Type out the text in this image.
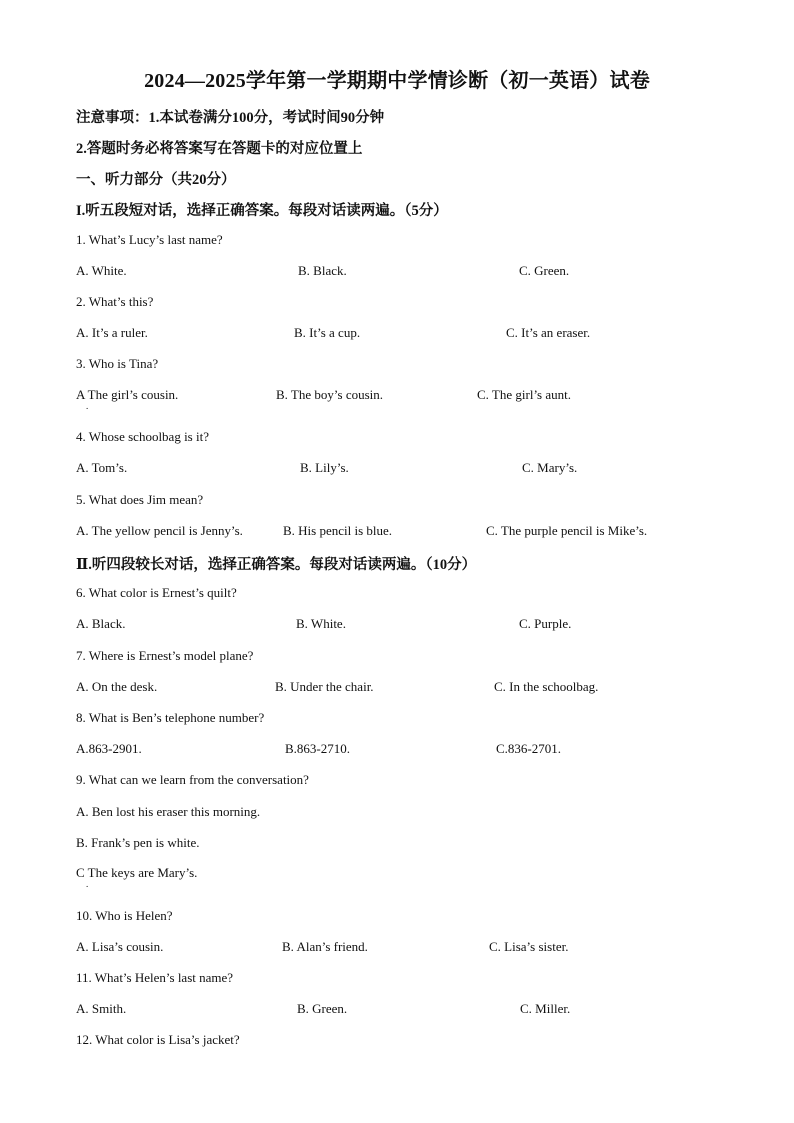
2024—2025学年第一学期期中学情诊断（初一英语）试卷
注意事项：1.本试卷满分100分，考试时间90分钟
2.答题时务必将答案写在答题卡的对应位置上
一、听力部分（共20分）
I.听五段短对话，选择正确答案。每段对话读两遍。（5分）
1. What’s Lucy’s last name?
A. White.	B. Black.	C. Green.
2. What’s this?
A. It’s a ruler.	B. It’s a cup.	C. It’s an eraser.
3. Who is Tina?
A The girl’s cousin.
.
B. The boy’s cousin.	C. The girl’s aunt.
4. Whose schoolbag is it?
A. Tom’s.	B. Lily’s.	C. Mary’s.
5. What does Jim mean?
A. The yellow pencil is Jenny’s.	B. His pencil is blue.	C. The purple pencil is Mike’s.
Ⅱ.听四段较长对话，选择正确答案。每段对话读两遍。（10分）
6. What color is Ernest’s quilt?
A. Black.	B. White.	C. Purple.
7. Where is Ernest’s model plane?
A. On the desk.	B. Under the chair.	C. In the schoolbag.
8. What is Ben’s telephone number?
A.863-2901.	B.863-2710.	C.836-2701.
9. What can we learn from the conversation?
A. Ben lost his eraser this morning.
B. Frank’s pen is white.
C The keys are Mary’s.
.
10. Who is Helen?
A. Lisa’s cousin.	B. Alan’s friend.	C. Lisa’s sister.
11. What’s Helen’s last name?
A. Smith.	B. Green.	C. Miller.
12. What color is Lisa’s jacket?
